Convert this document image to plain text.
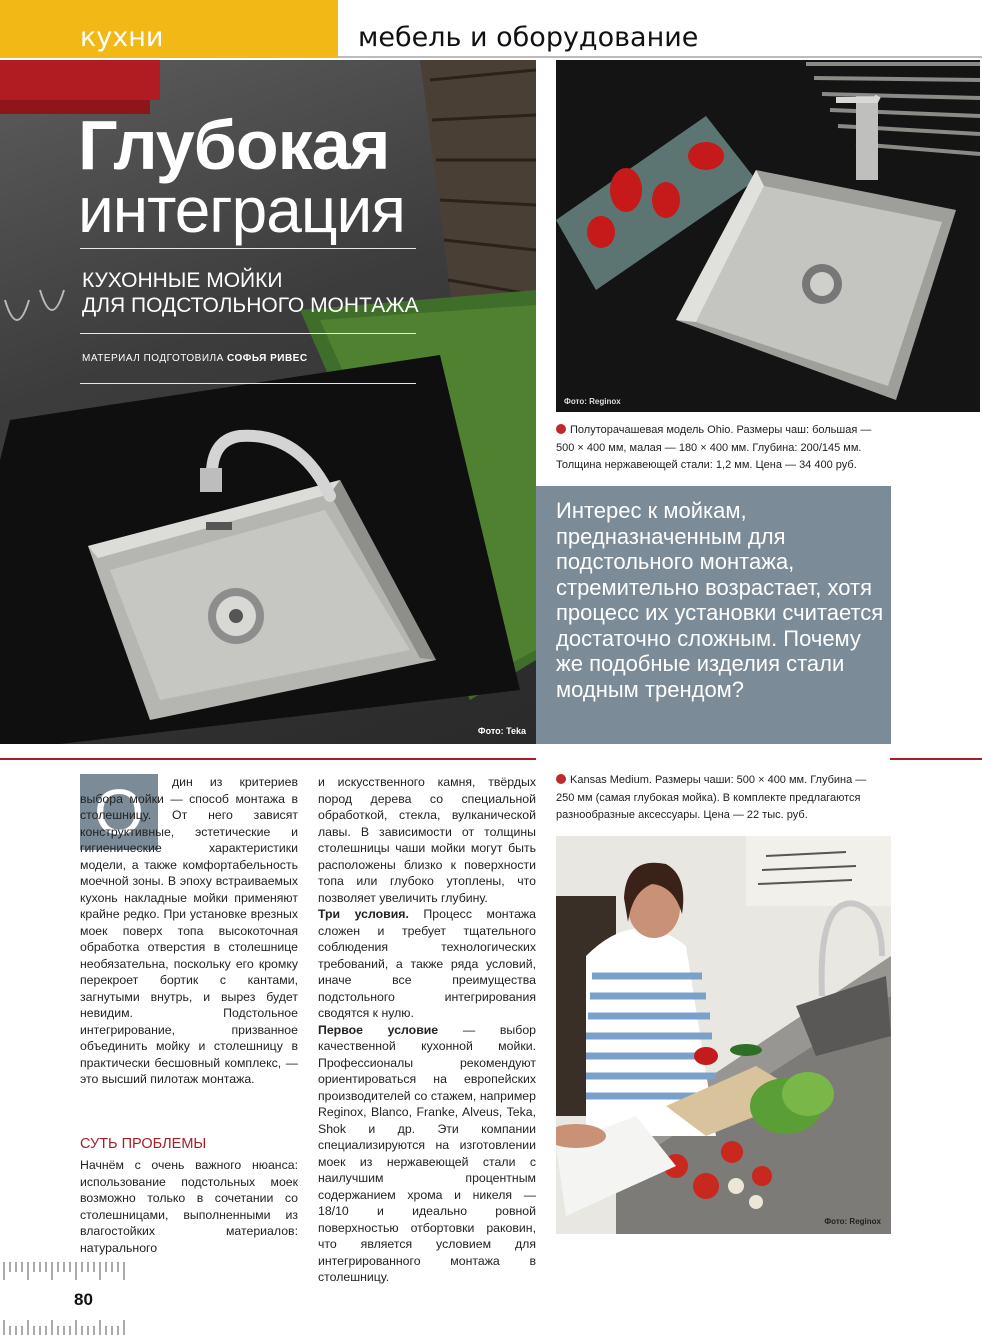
кухни	мебель и оборудование
Фото: Teka
Глубокая
интеграция
КУХОННЫЕ МОЙКИ
ДЛЯ ПОДСТОЛЬНОГО МОНТАЖА
МАТЕРИАЛ ПОДГОТОВИЛА СОФЬЯ РИВЕС
Фото: Reginox
Полуторачашевая модель Ohio. Размеры чаш: большая — 500 × 400 мм, малая — 180 × 400 мм. Глубина: 200/145 мм. Толщина нержавеющей стали: 1,2 мм. Цена — 34 400 руб.

Интерес к мойкам, предназначенным для подстольного монтажа, стремительно возрастает, хотя процесс их установки считается достаточно сложным. Почему же подобные изделия стали модным трендом?

О	дин из критериев выбора мойки — способ монтажа в столешницу. От него зависят конструктивные, эстетические и гигиенические характеристики модели, а также комфортабельность моечной зоны. В эпоху встраиваемых кухонь накладные мойки применяют крайне редко. При установке врезных моек поверх топа высокоточная обработка отверстия в столешнице необязательна, поскольку его кромку перекроет бортик с кантами, загнутыми внутрь, и вырез будет невидим. Подстольное интегрирование, призванное объединить мойку и столешницу в практически бесшовный комплекс, — это высший пилотаж монтажа.

СУТЬ ПРОБЛЕМЫ

Начнём с очень важного нюанса: использование подстольных моек возможно только в сочетании со столешницами, выполненными из влагостойких материалов: натурального

и искусственного камня, твёрдых пород дерева со специальной обработкой, стекла, вулканической лавы. В зависимости от толщины столешницы чаши мойки могут быть расположены близко к поверхности топа или глубоко утоплены, что позволяет увеличить глубину.

Три условия. Процесс монтажа сложен и требует тщательного соблюдения технологических требований, а также ряда условий, иначе все преимущества подстольного интегрирования сводятся к нулю.

Первое условие — выбор качественной кухонной мойки. Профессионалы рекомендуют ориентироваться на европейских производителей со стажем, например Reginox, Blanco, Franke, Alveus, Teka, Shok и др. Эти компании специализируются на изготовлении моек из нержавеющей стали с наилучшим процентным содержанием хрома и никеля — 18/10 и идеально ровной поверхностью отбортовки раковин, что является условием для интегрированного монтажа в столешницу.

Kansas Medium. Размеры чаши: 500 × 400 мм. Глубина — 250 мм (самая глубокая мойка). В комплекте предлагаются разнообразные аксессуары. Цена — 22 тыс. руб.
Фото: Reginox
80
